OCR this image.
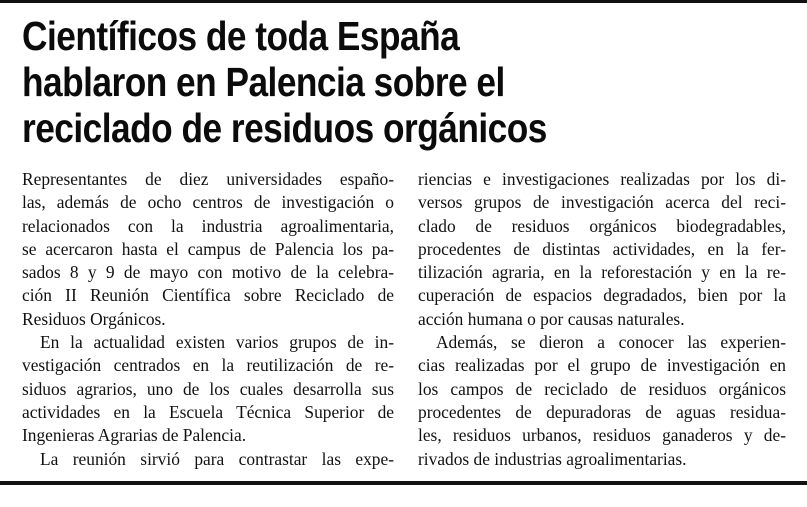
Científicos de toda España
hablaron en Palencia sobre el
reciclado de residuos orgánicos
Representantes de diez universidades españo-
las, además de ocho centros de investigación o
relacionados con la industria agroalimentaria,
se acercaron hasta el campus de Palencia los pa-
sados 8 y 9 de mayo con motivo de la celebra-
ción II Reunión Científica sobre Reciclado de
Residuos Orgánicos.
En la actualidad existen varios grupos de in-
vestigación centrados en la reutilización de re-
siduos agrarios, uno de los cuales desarrolla sus
actividades en la Escuela Técnica Superior de
Ingenieras Agrarias de Palencia.
La reunión sirvió para contrastar las expe-
riencias e investigaciones realizadas por los di-
versos grupos de investigación acerca del reci-
clado de residuos orgánicos biodegradables,
procedentes de distintas actividades, en la fer-
tilización agraria, en la reforestación y en la re-
cuperación de espacios degradados, bien por la
acción humana o por causas naturales.
Además, se dieron a conocer las experien-
cias realizadas por el grupo de investigación en
los campos de reciclado de residuos orgánicos
procedentes de depuradoras de aguas residua-
les, residuos urbanos, residuos ganaderos y de-
rivados de industrias agroalimentarias.
